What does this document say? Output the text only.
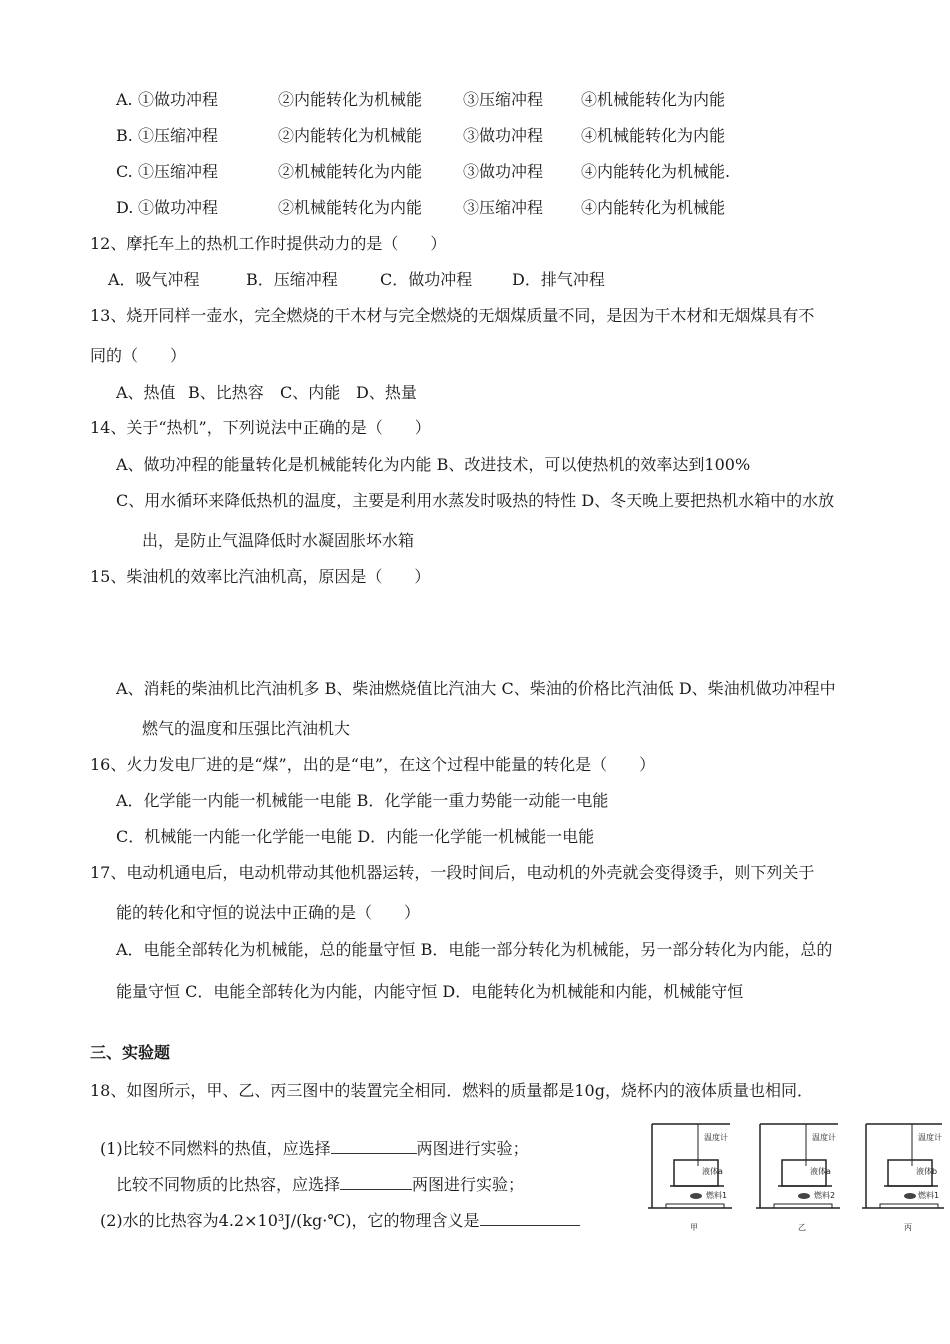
A. ①做功冲程	②内能转化为机械能	③压缩冲程 ④机械能转化为内能
B. ①压缩冲程	②内能转化为机械能	③做功冲程 ④机械能转化为内能
C. ①压缩冲程	②机械能转化为内能	③做功冲程 ④内能转化为机械能.
D. ①做功冲程	②机械能转化为内能	③压缩冲程 ④内能转化为机械能
12、摩托车上的热机工作时提供动力的是（　　）
A．吸气冲程	B．压缩冲程	C．做功冲程 D．排气冲程
13、烧开同样一壶水，完全燃烧的干木材与完全燃烧的无烟煤质量不同，是因为干木材和无烟煤具有不
同的（　　）
A、热值 B、比热容 C、内能 D、热量
14、关于“热机”，下列说法中正确的是（　　）
A、做功冲程的能量转化是机械能转化为内能 B、改进技术，可以使热机的效率达到100%
C、用水循环来降低热机的温度，主要是利用水蒸发时吸热的特性 D、冬天晚上要把热机水箱中的水放
出，是防止气温降低时水凝固胀坏水箱
15、柴油机的效率比汽油机高，原因是（　　）
A、消耗的柴油机比汽油机多 B、柴油燃烧值比汽油大 C、柴油的价格比汽油低 D、柴油机做功冲程中
燃气的温度和压强比汽油机大
16、火力发电厂进的是“煤”，出的是“电”，在这个过程中能量的转化是（　　）
A．化学能一内能一机械能一电能 B．化学能一重力势能一动能一电能
C．机械能一内能一化学能一电能 D．内能一化学能一机械能一电能
17、电动机通电后，电动机带动其他机器运转，一段时间后，电动机的外壳就会变得烫手，则下列关于
能的转化和守恒的说法中正确的是（　　）
A．电能全部转化为机械能，总的能量守恒 B．电能一部分转化为机械能，另一部分转化为内能，总的
能量守恒 C．电能全部转化为内能，内能守恒 D．电能转化为机械能和内能，机械能守恒
三、实验题
18、如图所示，甲、乙、丙三图中的装置完全相同．燃料的质量都是10g，烧杯内的液体质量也相同．
(1)比较不同燃料的热值，应选择	两图进行实验；
比较不同物质的比热容，应选择	两图进行实验；
(2)水的比热容为4.2×10³J/(kg·℃)，它的物理含义是
温度计
液体a
燃料1
甲
温度计
液体a
燃料2
乙
温度计
液体b
燃料1
丙
